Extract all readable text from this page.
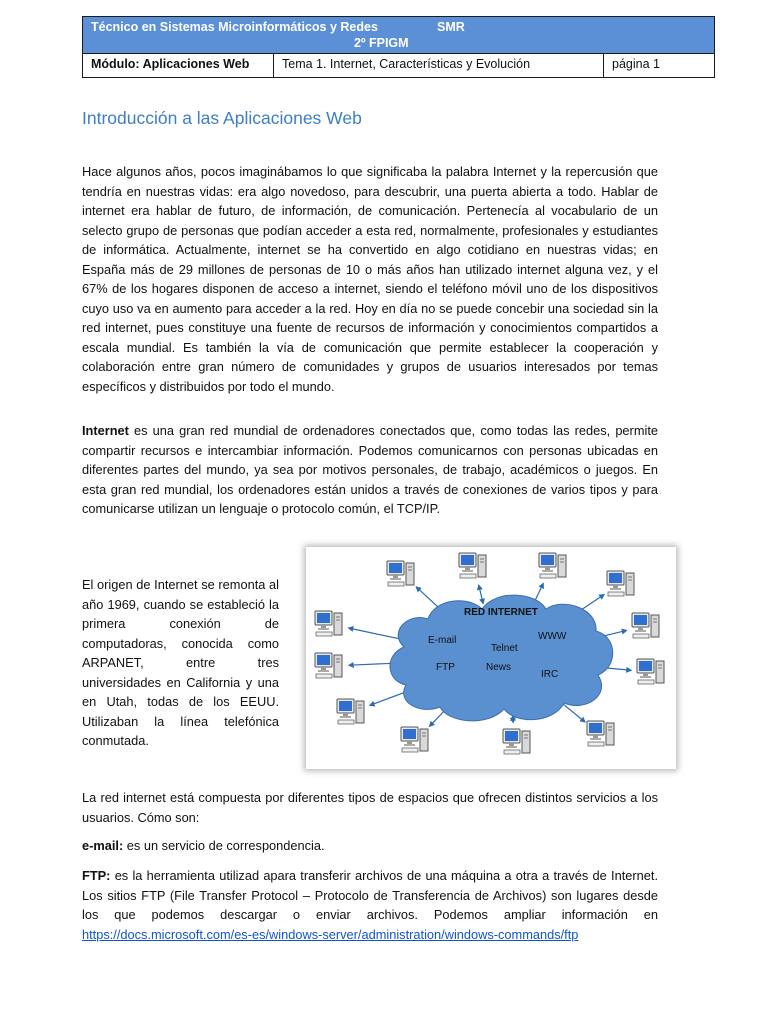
Técnico en Sistemas Microinformáticos y Redes	SMR
2º FPIGM
Módulo: Aplicaciones Web	Tema 1. Internet, Características y Evolución	página 1
Introducción a las Aplicaciones Web

Hace algunos años, pocos imaginábamos lo que significaba la palabra Internet y la repercusión que tendría en nuestras vidas: era algo novedoso, para descubrir, una puerta abierta a todo. Hablar de internet era hablar de futuro, de información, de comunicación. Pertenecía al vocabulario de un selecto grupo de personas que podían acceder a esta red, normalmente, profesionales y estudiantes de informática. Actualmente, internet se ha convertido en algo cotidiano en nuestras vidas; en España más de 29 millones de personas de 10 o más años han utilizado internet alguna vez, y el 67% de los hogares disponen de acceso a internet, siendo el teléfono móvil uno de los dispositivos cuyo uso va en aumento para acceder a la red. Hoy en día no se puede concebir una sociedad sin la red internet, pues constituye una fuente de recursos de información y conocimientos compartidos a escala mundial. Es también la vía de comunicación que permite establecer la cooperación y colaboración entre gran número de comunidades y grupos de usuarios interesados por temas específicos y distribuidos por todo el mundo.

Internet es una gran red mundial de ordenadores conectados que, como todas las redes, permite compartir recursos e intercambiar información. Podemos comunicarnos con personas ubicadas en diferentes partes del mundo, ya sea por motivos personales, de trabajo, académicos o juegos. En esta gran red mundial, los ordenadores están unidos a través de conexiones de varios tipos y para comunicarse utilizan un lenguaje o protocolo común, el TCP/IP.

El origen de Internet se remonta al año 1969, cuando se estableció la primera conexión de computadoras, conocida como ARPANET, entre tres universidades en California y una en Utah, todas de los EEUU. Utilizaban la línea telefónica conmutada.

RED INTERNET
E-mail
Telnet
WWW
FTP	News
IRC

La red internet está compuesta por diferentes tipos de espacios que ofrecen distintos servicios a los usuarios. Cómo son:

e-mail: es un servicio de correspondencia.

FTP: es la herramienta utilizad apara transferir archivos de una máquina a otra a través de Internet. Los sitios FTP (File Transfer Protocol – Protocolo de Transferencia de Archivos) son lugares desde los que podemos descargar o enviar archivos. Podemos ampliar información en https://docs.microsoft.com/es-es/windows-server/administration/windows-commands/ftp
